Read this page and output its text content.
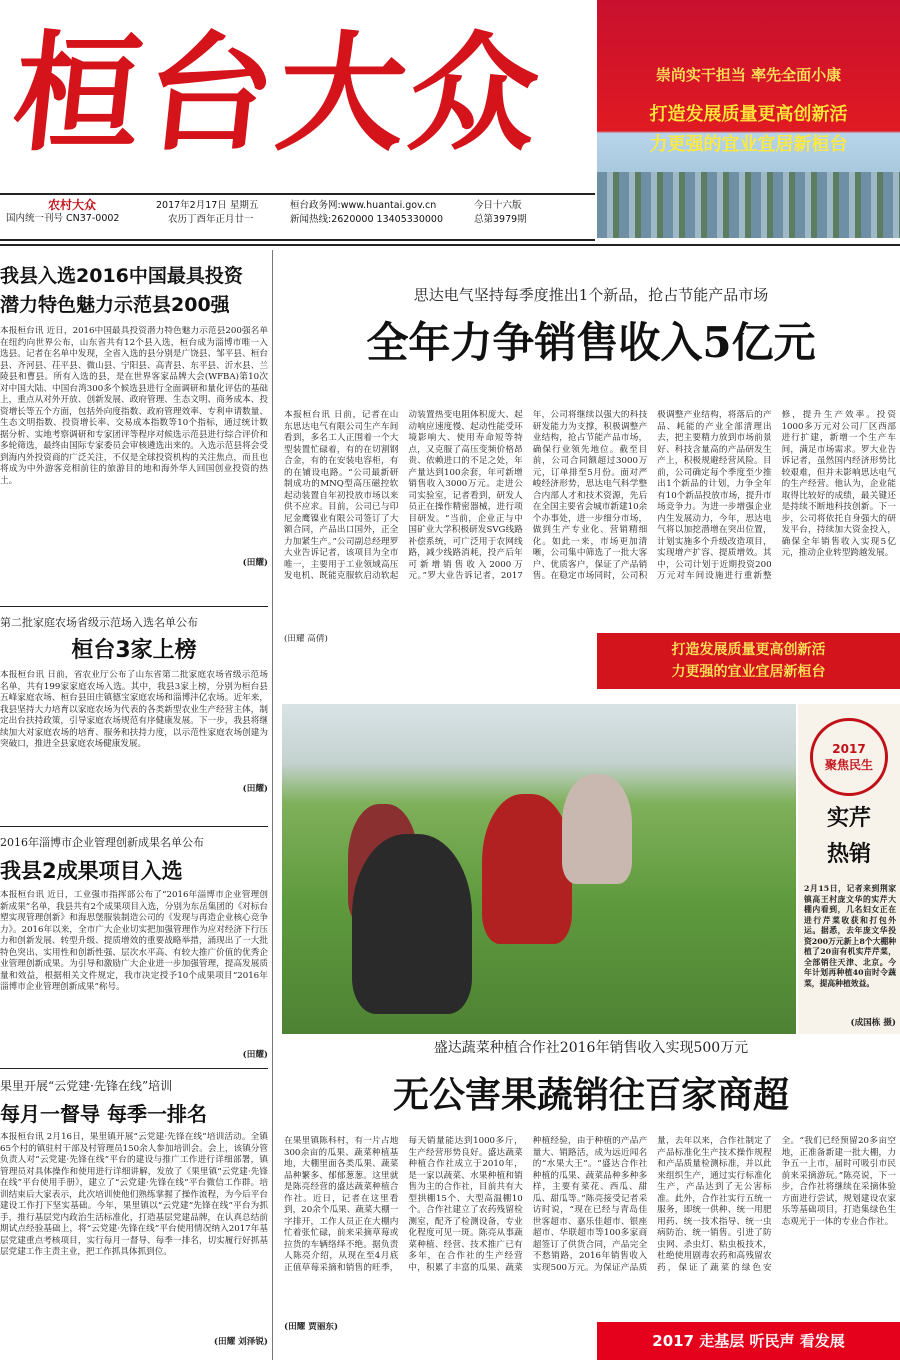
桓台大众
农村大众
国内统一刊号 CN37-0002
2017年2月17日 星期五
农历丁酉年正月廿一
桓台政务网:www.huantai.gov.cn
新闻热线:2620000 13405330000
今日十六版
总第3979期
崇尚实干担当 率先全面小康
打造发展质量更高创新活
力更强的宜业宜居新桓台
我县入选2016中国最具投资
潜力特色魅力示范县200强
本报桓台讯 近日，2016中国最具投资潜力特色魅力示范县200强名单在纽约向世界公布，山东省共有12个县入选，桓台成为淄博市唯一入选县。记者在名单中发现，全省入选的县分别是广饶县、邹平县、桓台县、齐河县、茌平县、微山县、宁阳县、高青县、东平县、沂水县、兰陵县和曹县。所有入选的县，是在世界客家品牌大会(WFBA)第10次对中国大陆、中国台湾300多个候选县进行全面调研和量化评估的基础上，重点从对外开放、创新发展、政府管理、生态文明、商务成本、投资增长等五个方面，包括外向度指数、政府管理效率、专利申请数量、生态文明指数、投资增长率、交易成本指数等10个指标，通过统计数据分析、实地考察调研和专家团评等程序对候选示范县进行综合评价和多轮筛选，最终由国际专家委员会审核遴选出来的。入选示范县将会受到海内外投资商的广泛关注，不仅是全球投资机构的关注焦点，而且也将成为中外游客竞相前往的旅游目的地和海外华人回国创业投资的热土。
(田耀)
第二批家庭农场省级示范场入选名单公布
桓台3家上榜
本报桓台讯 日前，省农业厅公布了山东省第二批家庭农场省级示范场名单，共有199家家庭农场入选。其中，我县3家上榜，分别为桓台县五峰家庭农场、桓台县田庄镇德宝家庭农场和淄博沣亿农场。近年来，我县坚持大力培育以家庭农场为代表的各类新型农业生产经营主体，制定出台扶持政策，引导家庭农场规范有序健康发展。下一步，我县将继续加大对家庭农场的培育、服务和扶持力度，以示范性家庭农场创建为突破口，推进全县家庭农场健康发展。
(田耀)
2016年淄博市企业管理创新成果名单公布
我县2成果项目入选
本报桓台讯 近日，工业强市指挥部公布了“2016年淄博市企业管理创新成果”名单，我县共有2个成果项目入选，分别为东岳集团的《对标台塑实现管理创新》和海思堡服装制造公司的《发现与再造企业核心竞争力》。2016年以来，全市广大企业切实把加强管理作为应对经济下行压力和创新发展、转型升级、提质增效的重要战略举措，涌现出了一大批特色突出、实用性和创新性强、层次水平高、有较大推广价值的优秀企业管理创新成果。为引导和激励广大企业进一步加强管理，提高发展质量和效益，根据相关文件规定，我市决定授予10个成果项目“2016年淄博市企业管理创新成果”称号。
(田耀)
果里开展“云党建·先锋在线”培训
每月一督导 每季一排名
本报桓台讯 2月16日，果里镇开展“云党建·先锋在线”培训活动。全镇65个村的镇驻村干部及村管理员150余人参加培训会。会上，该镇分管负责人对“云党建·先锋在线”平台的建设与推广工作进行详细部署，镇管理员对具体操作和使用进行详细讲解，发放了《果里镇“云党建·先锋在线”平台使用手册》，建立了“云党建·先锋在线”平台微信工作群。培训结束后大家表示，此次培训使他们熟练掌握了操作流程，为今后平台建设工作打下坚实基础。今年，果里镇以“云党建”先锋在线”平台为抓手，推行基层党内政治生活标准化，打造基层党建品牌，在认真总结前期试点经验基础上，将“云党建·先锋在线”平台使用情况纳入2017年基层党建重点考核项目，实行每月一督导、每季一排名，切实履行好抓基层党建工作主责主业，把工作抓具体抓到位。
(田耀 刘泽锐)
思达电气坚持每季度推出1个新品，抢占节能产品市场
全年力争销售收入5亿元
本报桓台讯 日前，记者在山东思达电气有限公司生产车间看到，多名工人正围着一个大型装置忙碌着，有的在切割钢合金，有的在安装电容柜，有的在铺设电路。“公司最新研制成功的MNQ型高压磁控软起动装置自年初投放市场以来供不应求。目前，公司已与印尼金鹰镍业有限公司签订了大额合同，产品出口国外，正全力加紧生产。”公司副总经理罗大业告诉记者，该项目为全市唯一，主要用于工业领域高压发电机、既能克服软启动软起动装置热变电阻体积庞大、起动响应速度慢、起动性能受环境影响大、使用寿命短等特点，又克服了高压变频价格昂贵、依赖进口的不足之处，年产量达到100余套，年可新增销售收入3000万元。走进公司实验室，记者看到，研发人员正在操作精密器械，进行项目研发。“当前，企业正与中国矿业大学积极研发SVG线路补偿系统，可广泛用于农网线路，减少线路消耗，投产后年可新增销售收入2000万元。”罗大业告诉记者，2017年，公司将继续以强大的科技研发能力为支撑，积极调整产业结构，抢占节能产品市场，确保行业领先地位。截至目前，公司合同额超过3000万元，订单排至5月份。面对严峻经济形势，思达电气科学整合内部人才和技术资源，先后在全国主要省会城市新建10余个办事处，进一步细分市场，做到生产专业化、营销精细化。如此一来，市场更加清晰，公司集中筛选了一批大客户、优质客户，保证了产品销售。在稳定市场同时，公司积极调整产业结构，将落后的产品、耗能的产业全部清理出去，把主要精力放到市场前景好、科技含量高的产品研发生产上，积极规避经营风险。目前，公司确定每个季度至少推出1个新品的计划，力争全年有10个新品投放市场，提升市场竞争力。为进一步增强企业内生发展动力，今年，思达电气将以加挖潜增在突出位置，计划实施多个升级改造项目，实现增产扩容、提质增效。其中，公司计划于近期投资200万元对车间设施进行重新整修，提升生产效率。投资1000多万元对公司厂区西部进行扩建，新增一个生产车间，满足市场需求。罗大业告诉记者，虽然国内经济形势比较艰难，但并未影响思达电气的生产经营。他认为，企业能取得比较好的成绩，最关键还是持续不断地科技创新。下一步，公司将依托自身强大的研发平台，持续加大资金投入，确保全年销售收入实现5亿元，推动企业转型跨越发展。
(田耀 高倩)
打造发展质量更高创新活
力更强的宜业宜居新桓台
2017
聚焦民生
实芹
热销
2月15日，记者来到荆家镇高王村庞文华的实芹大棚内看到，几名妇女正在进行芹菜收获和打包外运。据悉，去年庞文华投资200万元新上8个大棚种植了20亩有机实芹芹菜，全部销往天津、北京。今年计划再种植40亩时令蔬菜，提高种植效益。
(成国栋 摄)
盛达蔬菜种植合作社2016年销售收入实现500万元
无公害果蔬销往百家商超
在果里镇陈科村，有一片占地300余亩的瓜果、蔬菜种植基地，大棚里面各类瓜果、蔬菜品种繁多、郁郁葱葱。这里就是陈亮经营的盛达蔬菜种植合作社。近日，记者在这里看到，20余个瓜果、蔬菜大棚一字排开，工作人员正在大棚内忙着张忙碌，前来采摘草莓或拉货的车辆络绎不绝。据负责人陈亮介绍，从现在至4月底正值草莓采摘和销售的旺季，每天销量能达到1000多斤，生产经营形势良好。盛达蔬菜种植合作社成立于2010年，是一家以蔬菜、水果种植和销售为主的合作社，目前共有大型拱棚15个、大型高温棚10个。合作社建立了农药残留检测室，配齐了检测设备，专业化程度可见一斑。陈亮从事蔬菜种植、经营、技术推广已有多年，在合作社的生产经营中，积累了丰富的瓜果、蔬菜种植经验，由于种植的产品产量大、销路活，成为远近闻名的“水果大王”。“盛达合作社种植的瓜果、蔬菜品种多种多样，主要有菜花、西瓜、甜瓜、甜瓜等。”陈亮接受记者采访时说，“现在已经与青岛佳世客超市、嘉乐佳超市、银座超市、华联超市等100多家商超签订了供货合同，产品完全不愁销路，2016年销售收入实现500万元。为保证产品质量，去年以来，合作社制定了产品标准化生产技术操作规程和产品质量检测标准，并以此来组织生产，通过实行标准化生产，产品达到了无公害标准。此外，合作社实行五统一服务，即统一供种、统一用肥用药、统一技术指导、统一虫病防治、统一销售。引进了防虫网、杀虫灯、粘虫板技术，杜绝使用剧毒农药和高残留农药，保证了蔬菜的绿色安全。“我们已经预留20多亩空地，正准备新建一批大棚，力争五一上市，届时可吸引市民前来采摘游玩。”陈亮说，下一步，合作社将继续在采摘体验方面进行尝试，规划建设农家乐等基础项目，打造集绿色生态观光于一体的专业合作社。
(田耀 贾丽东)
2017 走基层 听民声 看发展
